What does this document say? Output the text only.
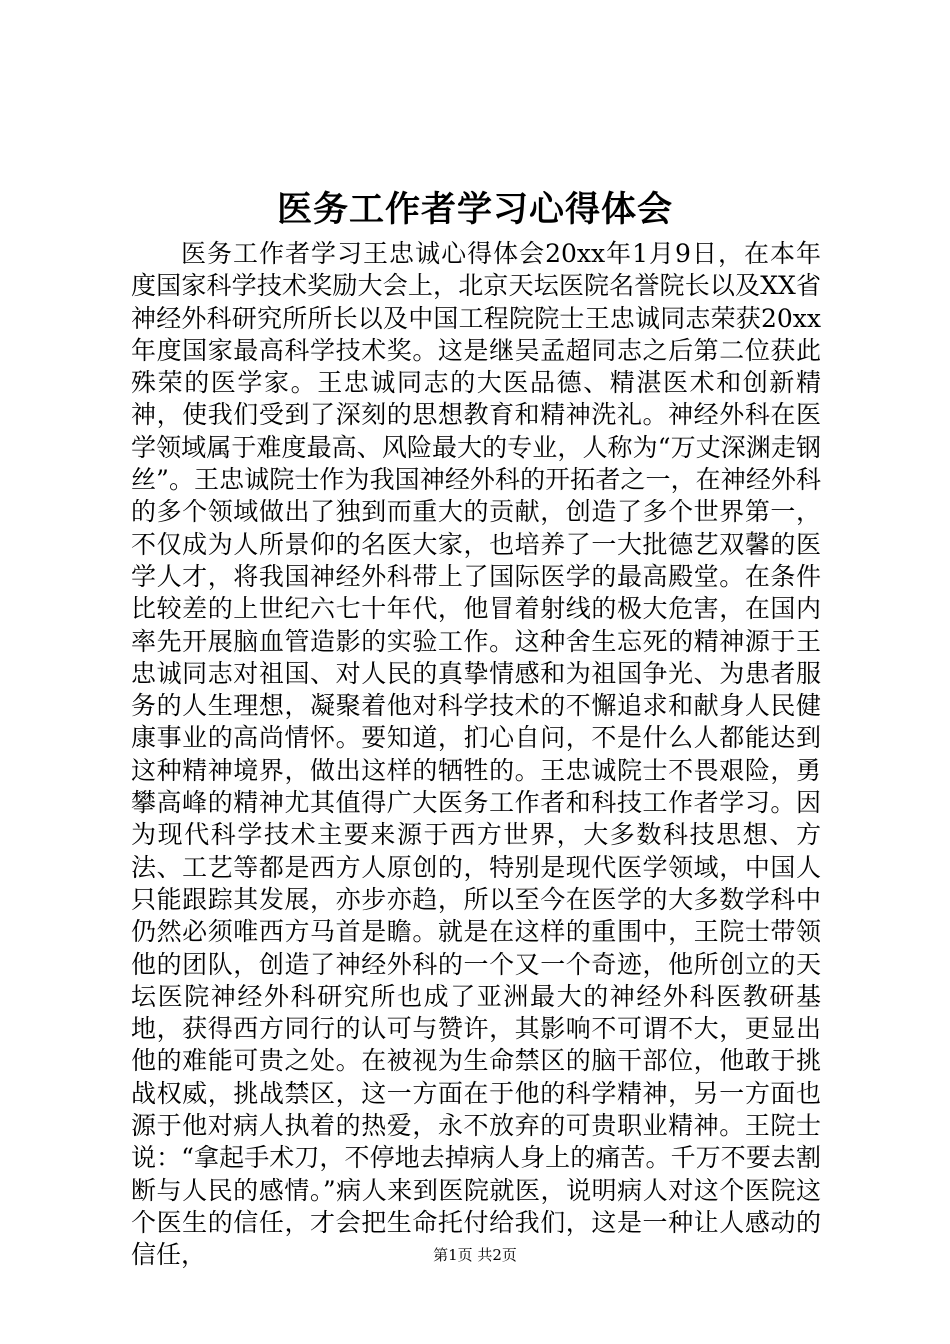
医务工作者学习心得体会

医务工作者学习王忠诚心得体会20xx年1月9日，在本年度国家科学技术奖励大会上，北京天坛医院名誉院长以及XX省神经外科研究所所长以及中国工程院院士王忠诚同志荣获20xx年度国家最高科学技术奖。这是继吴孟超同志之后第二位获此殊荣的医学家。王忠诚同志的大医品德、精湛医术和创新精神，使我们受到了深刻的思想教育和精神洗礼。神经外科在医学领域属于难度最高、风险最大的专业，人称为“万丈深渊走钢丝”。王忠诚院士作为我国神经外科的开拓者之一，在神经外科的多个领域做出了独到而重大的贡献，创造了多个世界第一，不仅成为人所景仰的名医大家，也培养了一大批德艺双馨的医学人才，将我国神经外科带上了国际医学的最高殿堂。在条件比较差的上世纪六七十年代，他冒着射线的极大危害，在国内率先开展脑血管造影的实验工作。这种舍生忘死的精神源于王忠诚同志对祖国、对人民的真挚情感和为祖国争光、为患者服务的人生理想，凝聚着他对科学技术的不懈追求和献身人民健康事业的高尚情怀。要知道，扪心自问，不是什么人都能达到这种精神境界，做出这样的牺牲的。王忠诚院士不畏艰险，勇攀高峰的精神尤其值得广大医务工作者和科技工作者学习。因为现代科学技术主要来源于西方世界，大多数科技思想、方法、工艺等都是西方人原创的，特别是现代医学领域，中国人只能跟踪其发展，亦步亦趋，所以至今在医学的大多数学科中仍然必须唯西方马首是瞻。就是在这样的重围中，王院士带领他的团队，创造了神经外科的一个又一个奇迹，他所创立的天坛医院神经外科研究所也成了亚洲最大的神经外科医教研基地，获得西方同行的认可与赞许，其影响不可谓不大，更显出他的难能可贵之处。在被视为生命禁区的脑干部位，他敢于挑战权威，挑战禁区，这一方面在于他的科学精神，另一方面也源于他对病人执着的热爱，永不放弃的可贵职业精神。王院士说：“拿起手术刀，不停地去掉病人身上的痛苦。千万不要去割断与人民的感情。”病人来到医院就医，说明病人对这个医院这个医生的信任，才会把生命托付给我们，这是一种让人感动的信任，	第1页 共2页
